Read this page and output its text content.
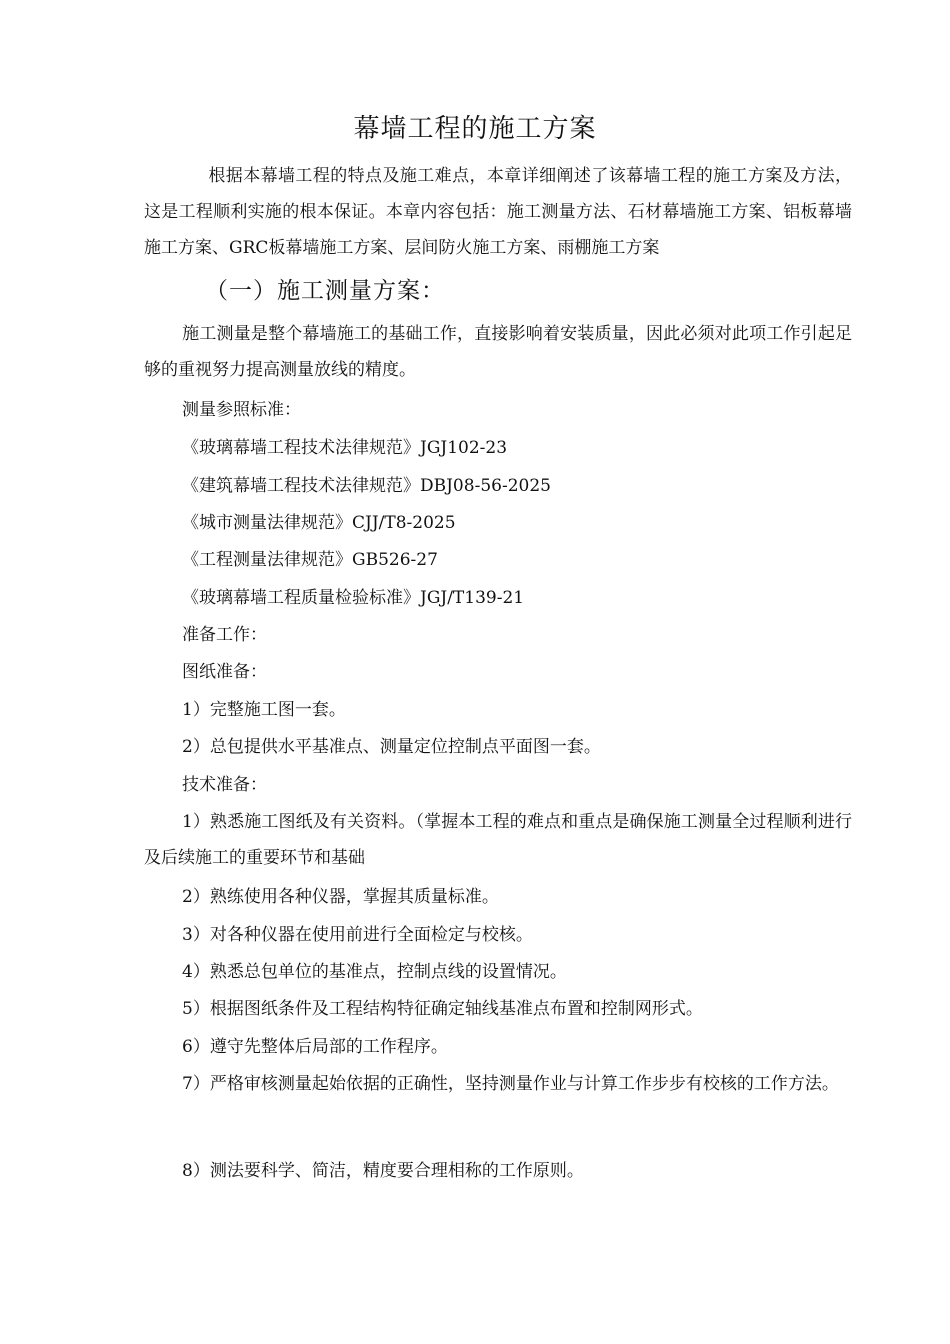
幕墙工程的施工方案
根据本幕墙工程的特点及施工难点，本章详细阐述了该幕墙工程的施工方案及方法，这是工程顺利实施的根本保证。本章内容包括：施工测量方法、石材幕墙施工方案、铝板幕墙施工方案、GRC板幕墙施工方案、层间防火施工方案、雨棚施工方案
（一）施工测量方案：
施工测量是整个幕墙施工的基础工作，直接影响着安装质量，因此必须对此项工作引起足够的重视努力提高测量放线的精度。
测量参照标准：
《玻璃幕墙工程技术法律规范》JGJ102-23
《建筑幕墙工程技术法律规范》DBJ08-56-2025
《城市测量法律规范》CJJ/T8-2025
《工程测量法律规范》GB526-27
《玻璃幕墙工程质量检验标准》JGJ/T139-21
准备工作：
图纸准备：
1）完整施工图一套。
2）总包提供水平基准点、测量定位控制点平面图一套。
技术准备：
1）熟悉施工图纸及有关资料。（掌握本工程的难点和重点是确保施工测量全过程顺利进行及后续施工的重要环节和基础
2）熟练使用各种仪器，掌握其质量标准。
3）对各种仪器在使用前进行全面检定与校核。
4）熟悉总包单位的基准点，控制点线的设置情况。
5）根据图纸条件及工程结构特征确定轴线基准点布置和控制网形式。
6）遵守先整体后局部的工作程序。
7）严格审核测量起始依据的正确性，坚持测量作业与计算工作步步有校核的工作方法。
8）测法要科学、简洁，精度要合理相称的工作原则。
